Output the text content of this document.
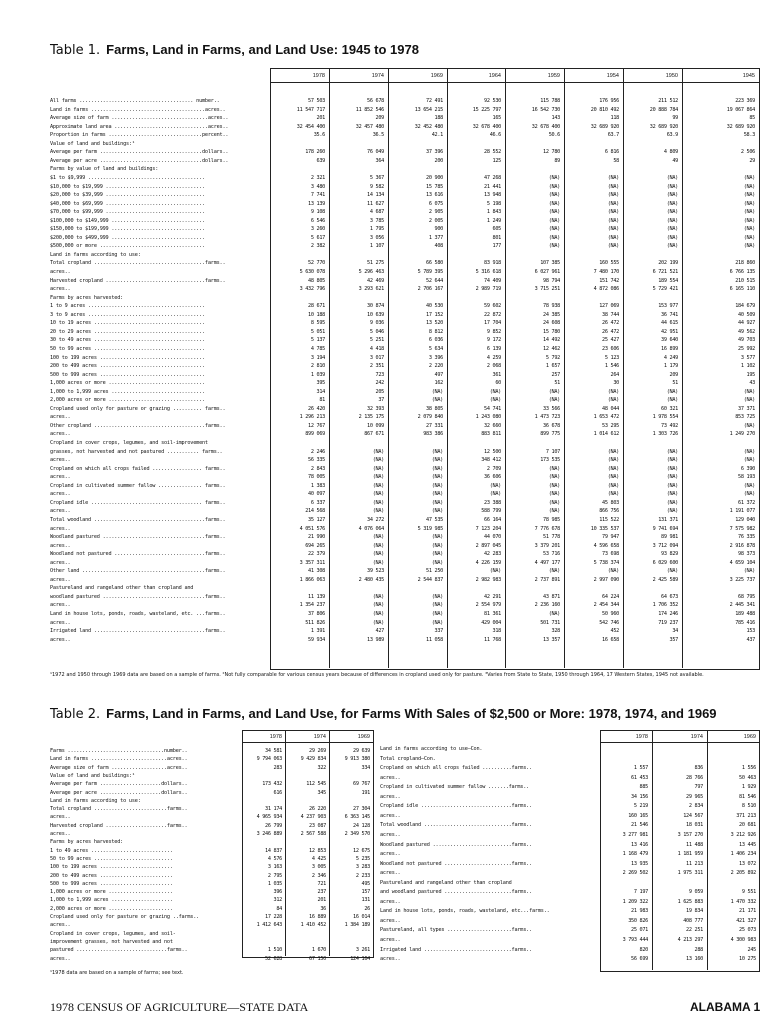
Table 1. Farms, Land in Farms, and Land Use: 1945 to 1978
1978	1974	1969	1964	1959	1954	1950	1945
All farms ....................................... number..	57 503	56 678	72 491	92 530	115 788	176 956	211 512	223 369
Land in farms .......................................acres..	11 547 717	11 852 546	13 654 215	15 225 797	16 542 730	20 810 492	20 888 784	19 067 864
Average size of farm .................................acres..	201	209	188	165	143	118	99	85
Approximate land area ................................acres..	32 454 400	32 457 480	32 452 480	32 678 400	32 678 400	32 689 920	32 689 920	32 689 920
Proportion in farms ................................percent..	35.6	36.5	42.1	46.6	50.6	63.7	63.9	58.3
Value of land and buildings:¹
Average per farm ...................................dollars..	178 260	76 049	37 396	28 552	12 780	6 816	4 809	2 506
Average per acre ...................................dollars..	639	364	200	125	89	58	49	29
Farms by value of land and buildings:
$1 to $9,999 ........................................	2 321	5 367	20 900	47 268	(NA)	(NA)	(NA)	(NA)
$10,000 to $19,999 ..................................	3 480	9 582	15 785	21 441	(NA)	(NA)	(NA)	(NA)
$20,000 to $39,999 ..................................	7 741	14 134	13 616	13 948	(NA)	(NA)	(NA)	(NA)
$40,000 to $69,999 ..................................	13 139	11 627	6 075	5 198	(NA)	(NA)	(NA)	(NA)
$70,000 to $99,999 ..................................	9 108	4 687	2 905	1 843	(NA)	(NA)	(NA)	(NA)
$100,000 to $149,999 ................................	6 546	3 785	2 005	1 249	(NA)	(NA)	(NA)	(NA)
$150,000 to $199,999 ................................	3 260	1 795	900	605	(NA)	(NA)	(NA)	(NA)
$200,000 to $499,999 ................................	5 617	3 056	1 377	801	(NA)	(NA)	(NA)	(NA)
$500,000 or more ....................................	2 382	1 107	408	177	(NA)	(NA)	(NA)	(NA)
Land in farms according to use:
Total cropland ......................................farms..	52 770	51 275	66 580	83 918	107 385	160 555	202 199	218 860
acres..	5 630 078	5 296 463	5 789 395	5 316 618	6 027 961	7 480 170	6 721 521	6 766 135
Harvested cropland ..................................farms..	48 805	42 469	52 644	74 409	98 794	151 742	189 554	210 515
acres..	3 432 796	3 293 621	2 706 167	2 989 719	3 715 251	4 872 086	5 729 421	6 165 110
Farms by acres harvested:
1 to 9 acres ........................................	28 671	30 874	40 530	59 602	78 938	127 069	153 977	184 679
3 to 9 acres ........................................	10 188	10 639	17 152	22 872	24 385	38 744	36 741	40 509
10 to 19 acres ......................................	8 595	9 036	13 520	17 704	24 608	26 472	44 615	44 927
20 to 29 acres ......................................	5 051	5 046	8 812	9 852	15 780	26 472	42 951	49 562
30 to 49 acres ......................................	5 137	5 251	6 036	9 172	14 492	25 427	39 640	49 703
50 to 99 acres ......................................	4 785	4 418	5 634	6 139	12 462	23 606	16 899	25 992
100 to 199 acres ....................................	3 194	3 017	3 396	4 259	5 792	5 123	4 249	3 577
200 to 499 acres ....................................	2 810	2 351	2 220	2 068	1 657	1 546	1 179	1 102
500 to 999 acres ....................................	1 039	723	497	361	257	264	209	195
1,000 acres or more .................................	395	242	162	60	51	30	51	43
1,000 to 1,999 acres ................................	314	205	(NA)	(NA)	(NA)	(NA)	(NA)	(NA)
2,000 acres or more .................................	81	37	(NA)	(NA)	(NA)	(NA)	(NA)	(NA)
Cropland used only for pasture or grazing .......... farms..	26 420	32 393	38 805	54 741	33 566	48 044	60 321	37 371
acres..	1 296 213	2 135 175	2 079 840	1 243 080	1 473 723	1 653 472	1 978 554	853 725
Other cropland ......................................farms..	12 767	10 099	27 331	32 660	36 678	53 295	73 492	(NA)
acres..	899 069	867 671	983 386	883 811	899 775	1 014 612	1 303 726	1 249 270
Cropland in cover crops, legumes, and soil-improvement
grasses, not harvested and not pastured ........... farms..	2 246	(NA)	(NA)	12 500	7 107	(NA)	(NA)	(NA)
acres..	56 335	(NA)	(NA)	348 412	173 535	(NA)	(NA)	(NA)
Cropland on which all crops failed ................. farms..	2 843	(NA)	(NA)	2 709	(NA)	(NA)	(NA)	6 390
acres..	78 005	(NA)	(NA)	36 606	(NA)	(NA)	(NA)	58 193
Cropland in cultivated summer fallow ............... farms..	1 383	(NA)	(NA)	(NA)	(NA)	(NA)	(NA)	(NA)
acres..	40 097	(NA)	(NA)	(NA)	(NA)	(NA)	(NA)	(NA)
Cropland idle ...................................... farms..	6 337	(NA)	(NA)	23 388	(NA)	45 803	(NA)	61 372
acres..	214 568	(NA)	(NA)	588 799	(NA)	866 756	(NA)	1 191 077
Total woodland ......................................farms..	35 127	34 272	47 535	66 164	78 985	115 522	131 371	129 040
acres..	4 051 576	4 076 064	5 319 985	7 123 204	7 776 678	10 335 537	9 741 694	7 575 982
Woodland pastured ...................................farms..	21 990	(NA)	(NA)	44 070	51 778	79 947	89 981	76 335
acres..	694 265	(NA)	(NA)	2 897 045	3 379 201	4 596 658	3 712 094	2 916 878
Woodland not pastured ...............................farms..	22 379	(NA)	(NA)	42 283	53 716	73 698	93 829	98 373
acres..	3 357 311	(NA)	(NA)	4 226 159	4 497 177	5 738 374	6 029 600	4 659 104
Other land ..........................................farms..	41 308	39 523	51 250	(NA)	(NA)	(NA)	(NA)	(NA)
acres..	1 866 063	2 480 435	2 544 837	2 982 983	2 737 891	2 997 090	2 425 589	3 225 737
Pastureland and rangeland other than cropland and
woodland pastured ...................................farms..	11 139	(NA)	(NA)	42 291	43 871	64 224	64 673	68 795
acres..	1 354 237	(NA)	(NA)	2 554 979	2 236 160	2 454 344	1 706 352	2 445 341
Land in house lots, ponds, roads, wasteland, etc. ...farms..	37 806	(NA)	(NA)	81 361	(NA)	50 960	174 246	189 488
acres..	511 826	(NA)	(NA)	429 004	501 731	542 746	719 237	785 416
Irrigated land ......................................farms..	1 391	427	337	318	328	452	34	153
acres..	59 934	13 989	11 058	11 768	13 357	16 658	357	437
¹1972 and 1950 through 1969 data are based on a sample of farms. ²Not fully comparable for various census years because of differences in cropland used only for pasture. ³Varies from State to State, 1950 through 1964, 17 Western States, 1945 not available.
Table 2. Farms, Land in Farms, and Land Use, for Farms With Sales of $2,500 or More: 1978, 1974, and 1969
1978	1974	1969
Farms .................................number..	34 581	29 269	29 639
Land in farms ..........................acres..	9 794 063	9 429 834	9 913 380
Average size of farm ...................acres..	283	322	334
Value of land and buildings:¹
Average per farm .....................dollars..	173 432	112 545	69 767
Average per acre .....................dollars..	616	345	191
Land in farms according to use:
Total cropland .........................farms..	31 174	26 220	27 304
acres..	4 965 934	4 237 903	6 363 145
Harvested cropland .....................farms..	26 799	23 087	24 128
acres..	3 246 889	2 567 588	2 349 570
Farms by acres harvested:
1 to 49 acres ............................	14 837	12 853	12 675
50 to 99 acres ...........................	4 576	4 425	5 235
100 to 199 acres .........................	3 163	3 005	3 283
200 to 499 acres .........................	2 795	2 346	2 233
500 to 999 acres .........................	1 035	721	495
1,000 acres or more ......................	396	237	157
1,000 to 1,999 acres .....................	312	201	131
2,000 acres or more ......................	84	36	26
Cropland used only for pasture or grazing ..farms..	17 228	16 889	16 014
acres..	1 412 643	1 410 452	1 384 189
Cropland in cover crops, legumes, and soil-
improvement grasses, not harvested and not
pastured ...............................farms..	1 510	1 670	3 261
acres..	52 628	67 150	124 164
1978	1974	1969
Land in farms according to use—Con.
Total cropland—Con.
Cropland on which all crops failed ..........farms..	1 557	836	1 556
acres..	61 453	28 766	50 463
Cropland in cultivated summer fallow .......farms..	885	797	1 929
acres..	34 156	29 965	81 546
Cropland idle ...............................farms..	5 219	2 834	8 510
acres..	160 165	124 567	371 213
Total woodland ..............................farms..	21 546	18 031	20 681
acres..	3 277 981	3 157 270	3 212 926
Woodland pastured ...........................farms..	13 416	11 488	13 445
acres..	1 168 479	1 181 959	1 406 234
Woodland not pastured .......................farms..	13 935	11 213	13 072
acres..	2 269 502	1 975 311	2 205 892
Pastureland and rangeland other than cropland
and woodland pastured .......................farms..	7 197	9 059	9 551
acres..	1 209 322	1 625 883	1 470 332
Land in house lots, ponds, roads, wasteland, etc...farms..	21 983	19 834	21 171
acres..	350 826	408 777	421 327
Pastureland, all types ......................farms..	25 071	22 251	25 073
acres..	3 793 444	4 213 297	4 300 983
Irrigated land ..............................farms..	820	288	245
acres..	56 699	13 160	10 275
¹1978 data are based on a sample of farms; see text.
1978 CENSUS OF AGRICULTURE—STATE DATA	ALABAMA 1
